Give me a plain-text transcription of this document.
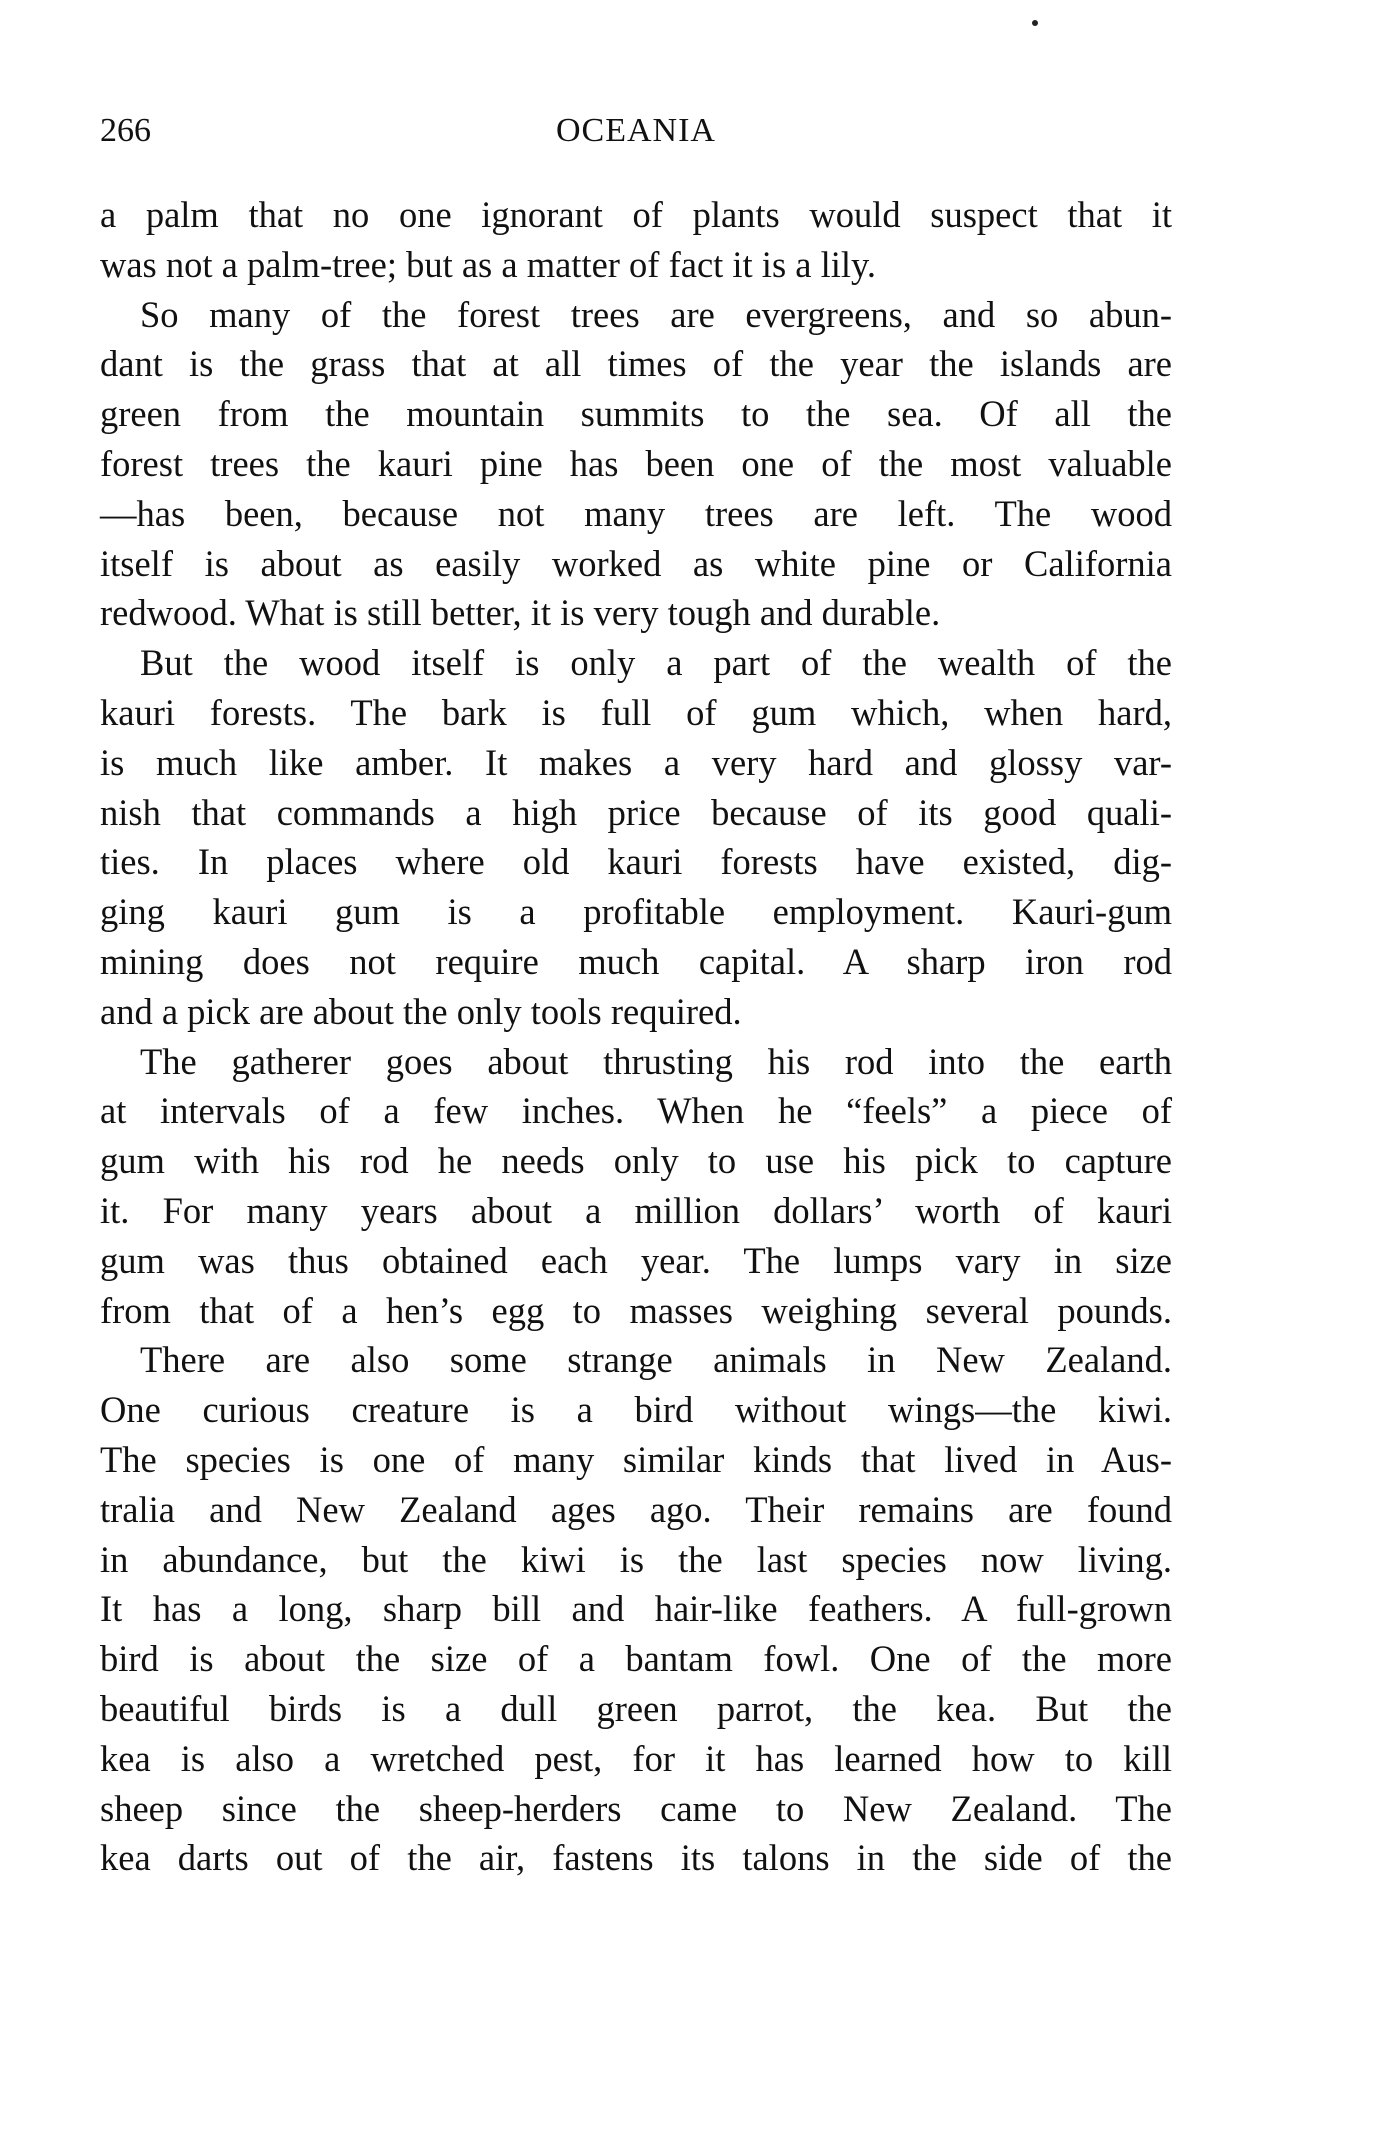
266	OCEANIA
a palm that no one ignorant of plants would suspect that it
was not a palm-tree; but as a matter of fact it is a lily.
So many of the forest trees are evergreens, and so abun-
dant is the grass that at all times of the year the islands are
green from the mountain summits to the sea. Of all the
forest trees the kauri pine has been one of the most valuable
—has been, because not many trees are left. The wood
itself is about as easily worked as white pine or California
redwood. What is still better, it is very tough and durable.
But the wood itself is only a part of the wealth of the
kauri forests. The bark is full of gum which, when hard,
is much like amber. It makes a very hard and glossy var-
nish that commands a high price because of its good quali-
ties. In places where old kauri forests have existed, dig-
ging kauri gum is a profitable employment. Kauri-gum
mining does not require much capital. A sharp iron rod
and a pick are about the only tools required.
The gatherer goes about thrusting his rod into the earth
at intervals of a few inches. When he “feels” a piece of
gum with his rod he needs only to use his pick to capture
it. For many years about a million dollars’ worth of kauri
gum was thus obtained each year. The lumps vary in size
from that of a hen’s egg to masses weighing several pounds.
There are also some strange animals in New Zealand.
One curious creature is a bird without wings—the kiwi.
The species is one of many similar kinds that lived in Aus-
tralia and New Zealand ages ago. Their remains are found
in abundance, but the kiwi is the last species now living.
It has a long, sharp bill and hair-like feathers. A full-grown
bird is about the size of a bantam fowl. One of the more
beautiful birds is a dull green parrot, the kea. But the
kea is also a wretched pest, for it has learned how to kill
sheep since the sheep-herders came to New Zealand. The
kea darts out of the air, fastens its talons in the side of the
